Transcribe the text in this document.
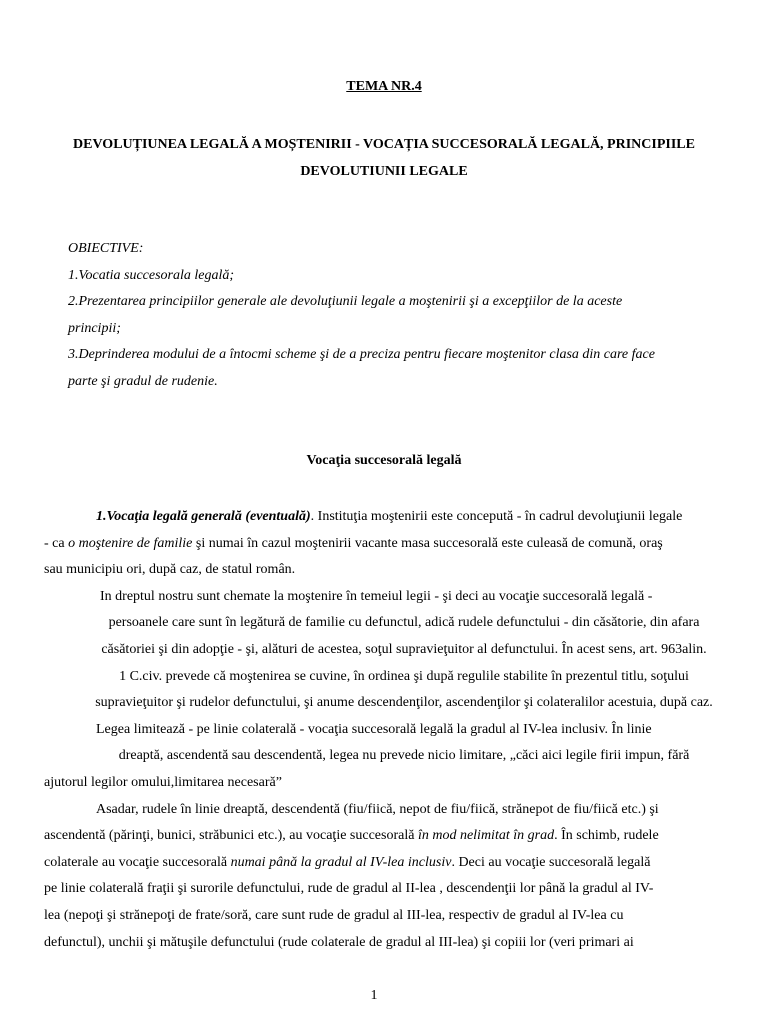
TEMA NR.4
DEVOLUȚIUNEA LEGALĂ A MOȘTENIRII - VOCAȚIA SUCCESORALĂ LEGALĂ, PRINCIPIILE
DEVOLUTIUNII LEGALE
OBIECTIVE:
1.Vocatia succesorala legală;
2.Prezentarea principiilor generale ale devoluţiunii legale a moştenirii şi a excepţiilor de la aceste
principii;
3.Deprinderea modului de a întocmi scheme şi de a preciza pentru fiecare moştenitor clasa din care face
parte şi gradul de rudenie.
Vocaţia succesorală legală
1.Vocaţia legală generală (eventuală). Instituţia moştenirii este concepută - în cadrul devoluţiunii legale
- ca o moştenire de familie şi numai în cazul moştenirii vacante masa succesorală este culeasă de comună, oraş
sau municipiu ori, după caz, de statul român.
In dreptul nostru sunt chemate la moştenire în temeiul legii - şi deci au vocaţie succesorală legală -
persoanele care sunt în legătură de familie cu defunctul, adică rudele defunctului - din căsătorie, din afara
căsătoriei şi din adopţie - şi, alături de acestea, soţul supravieţuitor al defunctului. În acest sens, art. 963alin.
1 C.civ. prevede că moştenirea se cuvine, în ordinea şi după regulile stabilite în prezentul titlu, soţului
supravieţuitor şi rudelor defunctului, şi anume descendenţilor, ascendenţilor şi colateralilor acestuia, după caz.
Legea limitează - pe linie colaterală - vocaţia succesorală legală la gradul al IV-lea inclusiv. În linie
dreaptă, ascendentă sau descendentă, legea nu prevede nicio limitare, „căci aici legile firii impun, fără
ajutorul legilor omului,limitarea necesară”
Asadar, rudele în linie dreaptă, descendentă (fiu/fiică, nepot de fiu/fiică, strănepot de fiu/fiică etc.) şi
ascendentă (părinţi, bunici, străbunici etc.), au vocaţie succesorală în mod nelimitat în grad. În schimb, rudele
colaterale au vocaţie succesorală numai până la gradul al IV-lea inclusiv. Deci au vocaţie succesorală legală
pe linie colaterală fraţii şi surorile defunctului, rude de gradul al II-lea , descendenţii lor până la gradul al IV-
lea (nepoţi şi strănepoţi de frate/soră, care sunt rude de gradul al III-lea, respectiv de gradul al IV-lea cu
defunctul), unchii şi mătuşile defunctului (rude colaterale de gradul al III-lea) şi copiii lor (veri primari ai
1
